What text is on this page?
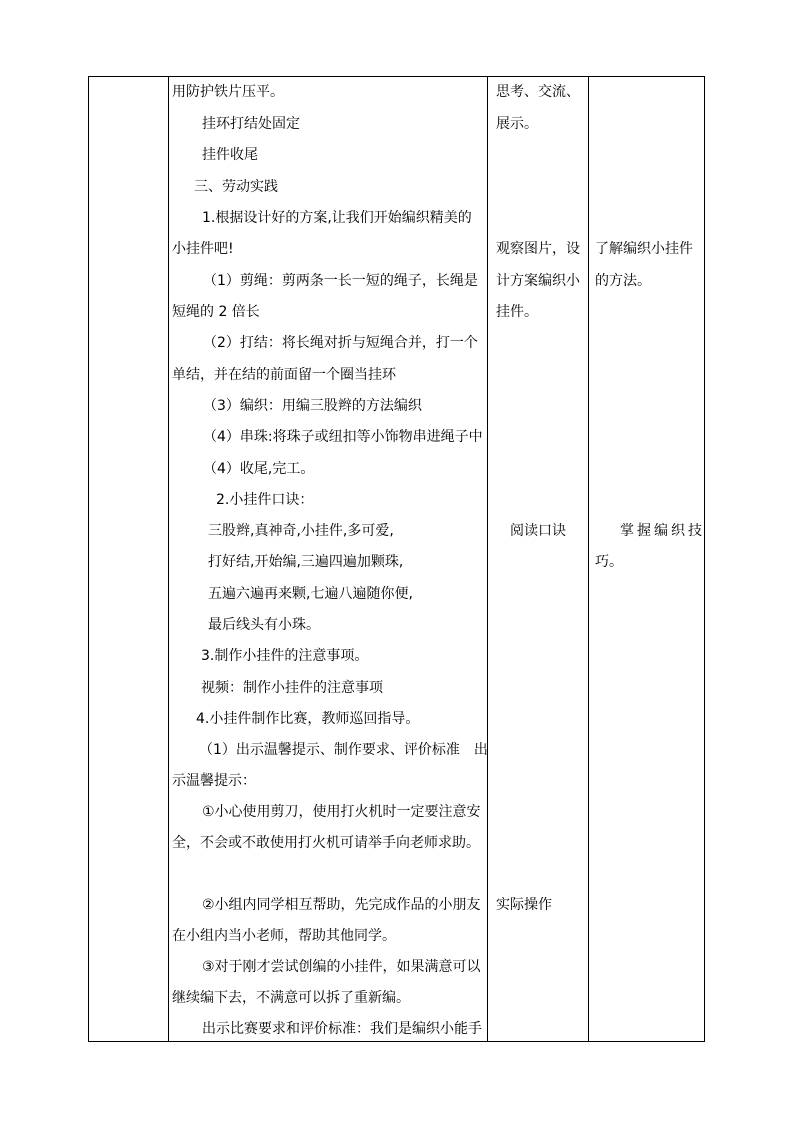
用防护铁片压平。
挂环打结处固定
挂件收尾
三、劳动实践
1.根据设计好的方案,让我们开始编织精美的
小挂件吧!
（1）剪绳：剪两条一长一短的绳子，长绳是
短绳的 2 倍长
（2）打结：将长绳对折与短绳合并，打一个
单结，并在结的前面留一个圈当挂环
（3）编织：用编三股辫的方法编织
（4）串珠:将珠子或纽扣等小饰物串进绳子中
（4）收尾,完工。
2.小挂件口诀：
三股辫,真神奇,小挂件,多可爱,
打好结,开始编,三遍四遍加颗珠,
五遍六遍再来颗,七遍八遍随你便,
最后线头有小珠。
3.制作小挂件的注意事项。
视频：制作小挂件的注意事项
4.小挂件制作比赛，教师巡回指导。
（1）出示温馨提示、制作要求、评价标准　出
示温馨提示：
①小心使用剪刀，使用打火机时一定要注意安
全，不会或不敢使用打火机可请举手向老师求助。
②小组内同学相互帮助，先完成作品的小朋友
在小组内当小老师，帮助其他同学。
③对于刚才尝试创编的小挂件，如果满意可以
继续编下去，不满意可以拆了重新编。
出示比赛要求和评价标准：我们是编织小能手
思考、交流、
展示。
观察图片，设
计方案编织小
挂件。
阅读口诀
实际操作
了解编织小挂件
的方法。
掌握编织技
巧。
